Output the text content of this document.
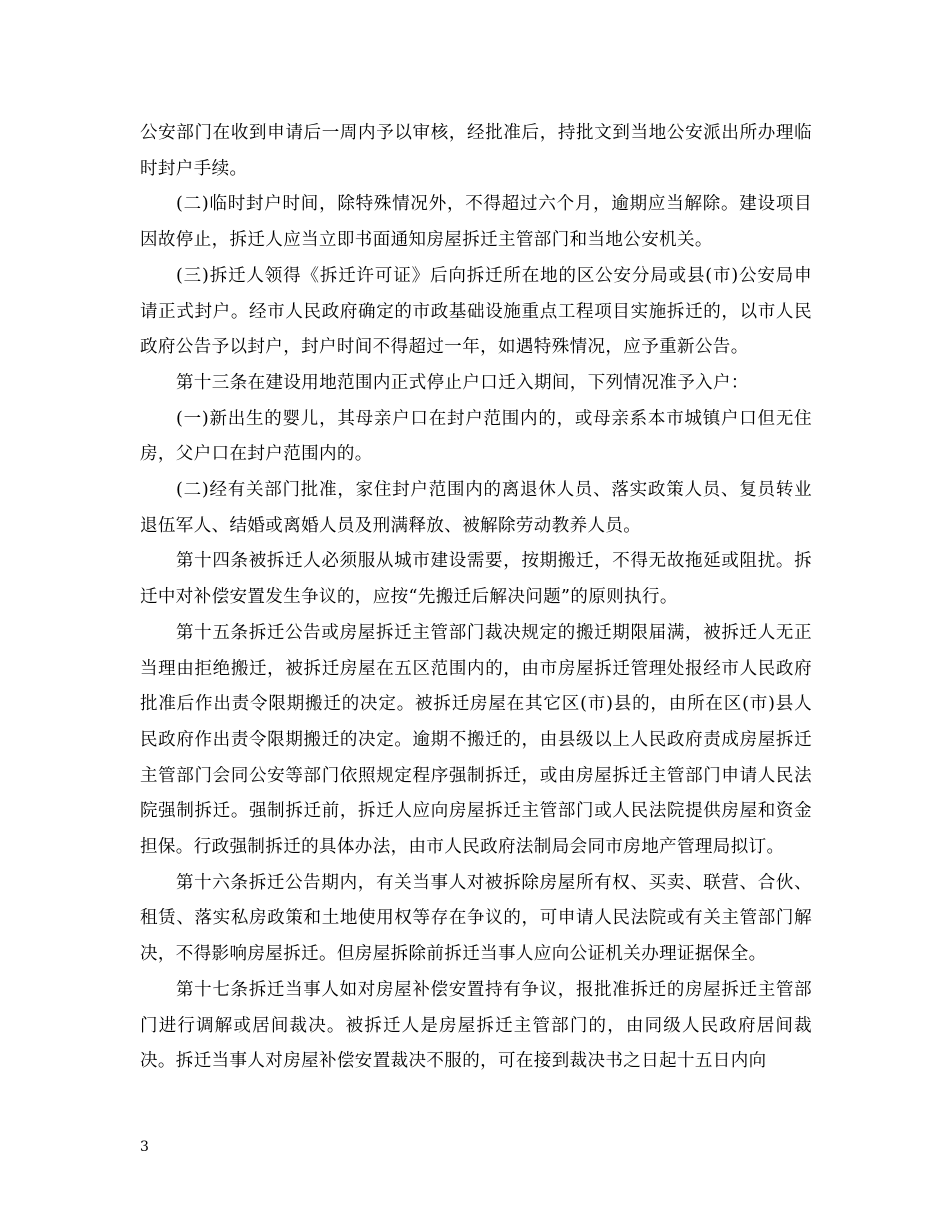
公安部门在收到申请后一周内予以审核，经批准后，持批文到当地公安派出所办理临时封户手续。

(二)临时封户时间，除特殊情况外，不得超过六个月，逾期应当解除。建设项目因故停止，拆迁人应当立即书面通知房屋拆迁主管部门和当地公安机关。

(三)拆迁人领得《拆迁许可证》后向拆迁所在地的区公安分局或县(市)公安局申请正式封户。经市人民政府确定的市政基础设施重点工程项目实施拆迁的，以市人民政府公告予以封户，封户时间不得超过一年，如遇特殊情况，应予重新公告。

第十三条在建设用地范围内正式停止户口迁入期间，下列情况准予入户：

(一)新出生的婴儿，其母亲户口在封户范围内的，或母亲系本市城镇户口但无住房，父户口在封户范围内的。

(二)经有关部门批准，家住封户范围内的离退休人员、落实政策人员、复员转业退伍军人、结婚或离婚人员及刑满释放、被解除劳动教养人员。

第十四条被拆迁人必须服从城市建设需要，按期搬迁，不得无故拖延或阻扰。拆迁中对补偿安置发生争议的，应按“先搬迁后解决问题”的原则执行。

第十五条拆迁公告或房屋拆迁主管部门裁决规定的搬迁期限届满，被拆迁人无正当理由拒绝搬迁，被拆迁房屋在五区范围内的，由市房屋拆迁管理处报经市人民政府批准后作出责令限期搬迁的决定。被拆迁房屋在其它区(市)县的，由所在区(市)县人民政府作出责令限期搬迁的决定。逾期不搬迁的，由县级以上人民政府责成房屋拆迁主管部门会同公安等部门依照规定程序强制拆迁，或由房屋拆迁主管部门申请人民法院强制拆迁。强制拆迁前，拆迁人应向房屋拆迁主管部门或人民法院提供房屋和资金担保。行政强制拆迁的具体办法，由市人民政府法制局会同市房地产管理局拟订。

第十六条拆迁公告期内，有关当事人对被拆除房屋所有权、买卖、联营、合伙、租赁、落实私房政策和土地使用权等存在争议的，可申请人民法院或有关主管部门解决，不得影响房屋拆迁。但房屋拆除前拆迁当事人应向公证机关办理证据保全。

第十七条拆迁当事人如对房屋补偿安置持有争议，报批准拆迁的房屋拆迁主管部门进行调解或居间裁决。被拆迁人是房屋拆迁主管部门的，由同级人民政府居间裁决。拆迁当事人对房屋补偿安置裁决不服的，可在接到裁决书之日起十五日内向

3
